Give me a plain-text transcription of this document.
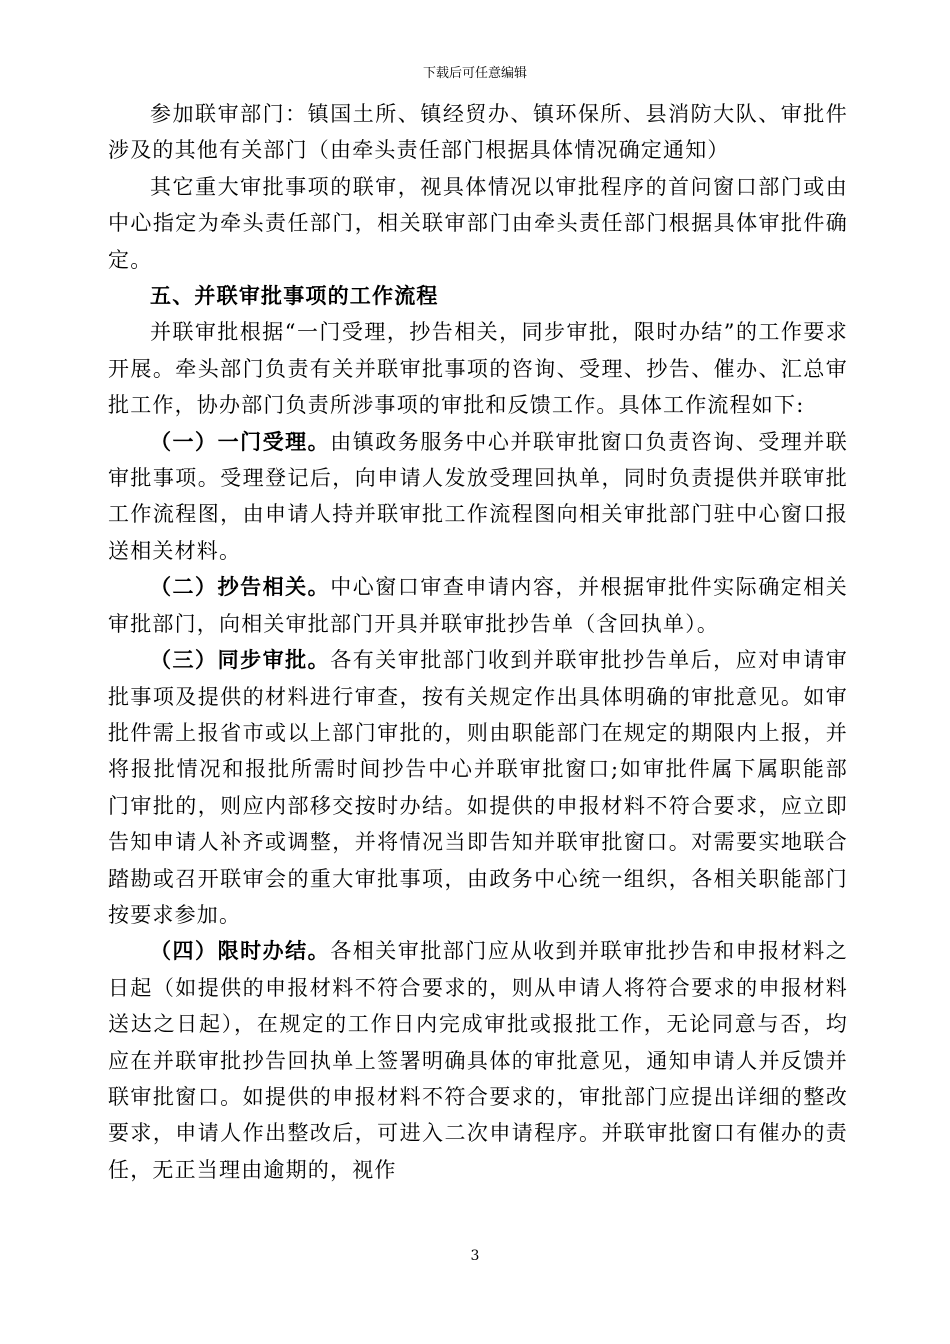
下载后可任意编辑

参加联审部门：镇国土所、镇经贸办、镇环保所、县消防大队、审批件涉及的其他有关部门（由牵头责任部门根据具体情况确定通知）

其它重大审批事项的联审，视具体情况以审批程序的首问窗口部门或由中心指定为牵头责任部门，相关联审部门由牵头责任部门根据具体审批件确定。

五、并联审批事项的工作流程

并联审批根据“一门受理，抄告相关，同步审批，限时办结”的工作要求开展。牵头部门负责有关并联审批事项的咨询、受理、抄告、催办、汇总审批工作，协办部门负责所涉事项的审批和反馈工作。具体工作流程如下:

（一）一门受理。由镇政务服务中心并联审批窗口负责咨询、受理并联审批事项。受理登记后，向申请人发放受理回执单，同时负责提供并联审批工作流程图，由申请人持并联审批工作流程图向相关审批部门驻中心窗口报送相关材料。

（二）抄告相关。中心窗口审查申请内容，并根据审批件实际确定相关审批部门，向相关审批部门开具并联审批抄告单（含回执单）。

（三）同步审批。各有关审批部门收到并联审批抄告单后，应对申请审批事项及提供的材料进行审查，按有关规定作出具体明确的审批意见。如审批件需上报省市或以上部门审批的，则由职能部门在规定的期限内上报，并将报批情况和报批所需时间抄告中心并联审批窗口;如审批件属下属职能部门审批的，则应内部移交按时办结。如提供的申报材料不符合要求，应立即告知申请人补齐或调整，并将情况当即告知并联审批窗口。对需要实地联合踏勘或召开联审会的重大审批事项，由政务中心统一组织，各相关职能部门按要求参加。

（四）限时办结。各相关审批部门应从收到并联审批抄告和申报材料之日起（如提供的申报材料不符合要求的，则从申请人将符合要求的申报材料送达之日起），在规定的工作日内完成审批或报批工作，无论同意与否，均应在并联审批抄告回执单上签署明确具体的审批意见，通知申请人并反馈并联审批窗口。如提供的申报材料不符合要求的，审批部门应提出详细的整改要求，申请人作出整改后，可进入二次申请程序。并联审批窗口有催办的责任，无正当理由逾期的，视作

3
